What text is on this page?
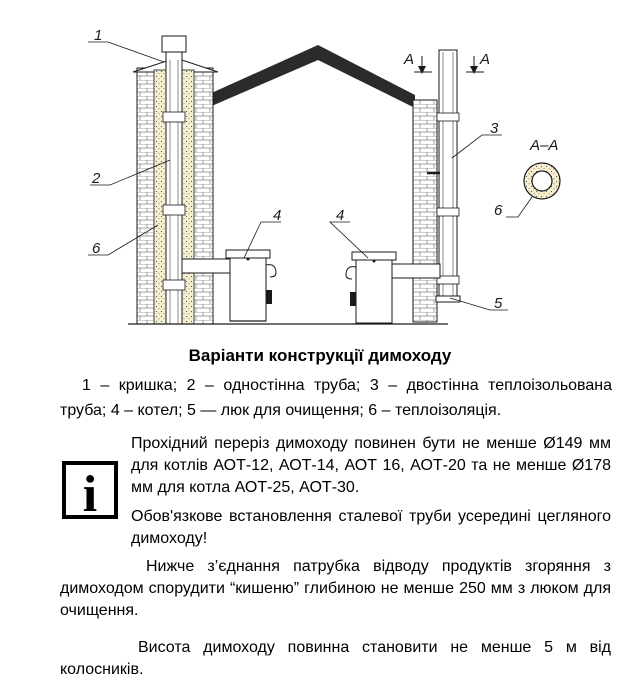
1
2
6
3
4	4
5
6
A	A
A–A
Варіанти конструкції димоходу
1 – кришка; 2 – одностінна труба; 3 – двостінна теплоізольована труба; 4 – котел; 5 — люк для очищення; 6 – теплоізоляція.
i
Прохідний переріз димоходу повинен бути не менше Ø149 мм для котлів АОТ-12, АОТ-14, АОТ 16, АОТ-20 та не менше Ø178 мм для котла АОТ-25, АОТ-30.
Обов'язкове встановлення сталевої труби усередині цегляного димоходу!
Нижче з’єднання патрубка відводу продуктів згоряння з димоходом спорудити “кишеню” глибиною не менше 250 мм з люком для очищення.
Висота димоходу повинна становити не менше 5 м від колосників.
